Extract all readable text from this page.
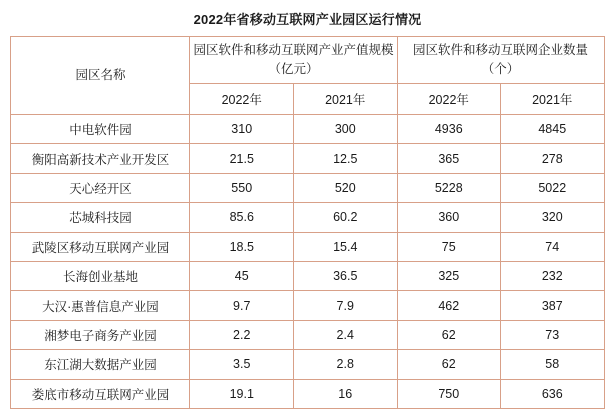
2022年省移动互联网产业园区运行情况
园区名称	园区软件和移动互联网产业产值规模（亿元）		园区软件和移动互联网企业数量（个）	
	2022年	2021年	2022年	2021年
中电软件园	310	300	4936	4845
衡阳高新技术产业开发区	21.5	12.5	365	278
天心经开区	550	520	5228	5022
芯城科技园	85.6	60.2	360	320
武陵区移动互联网产业园	18.5	15.4	75	74
长海创业基地	45	36.5	325	232
大汉·惠普信息产业园	9.7	7.9	462	387
湘梦电子商务产业园	2.2	2.4	62	73
东江湖大数据产业园	3.5	2.8	62	58
娄底市移动互联网产业园	19.1	16	750	636
